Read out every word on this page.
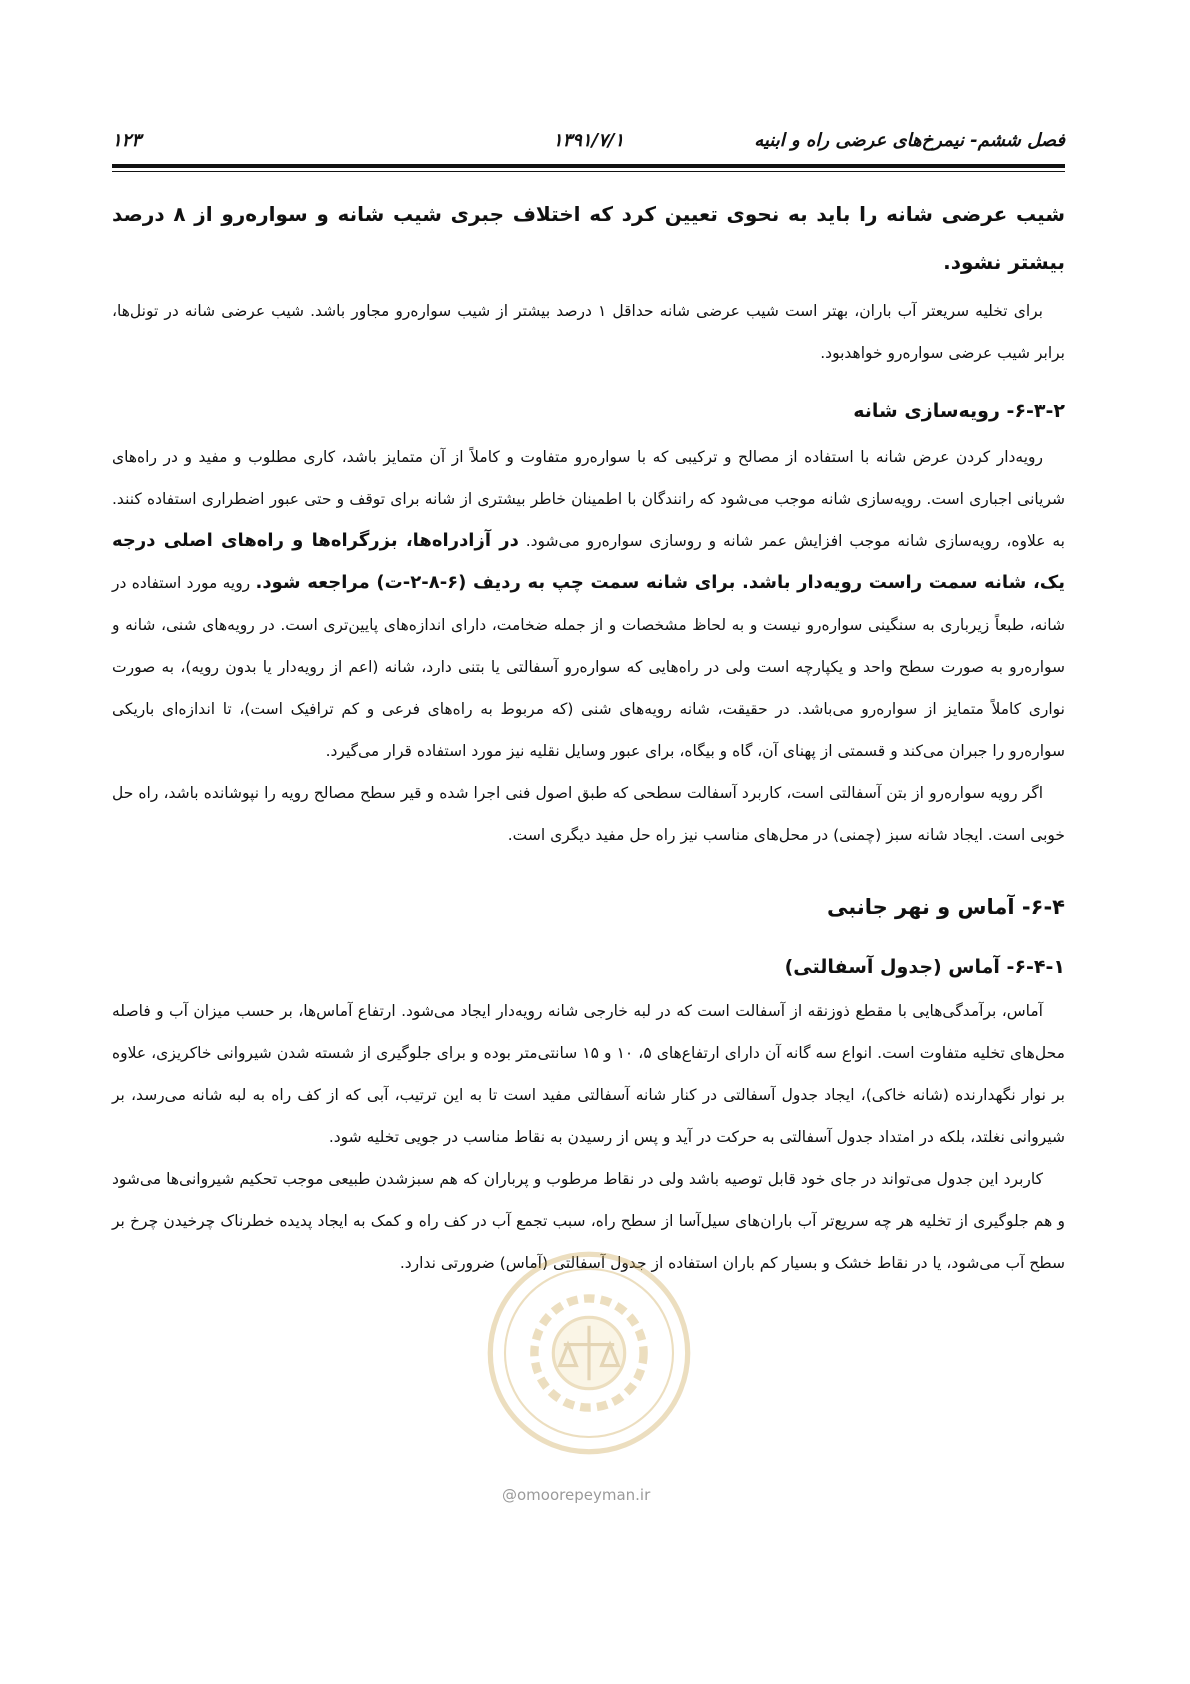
فصل ششم- نیمرخ‌های عرضی راه و ابنیه
۱۳۹۱/۷/۱
۱۲۳

شیب عرضی شانه را باید به نحوی تعیین کرد که اختلاف جبری شیب شانه و سواره‌رو از ۸ درصد بیشتر نشود.

برای تخلیه سریعتر آب باران، بهتر است شیب عرضی شانه حداقل ۱ درصد بیشتر از شیب سواره‌رو مجاور باشد. شیب عرضی شانه در تونل‌ها، برابر شیب عرضی سواره‌رو خواهدبود.

۶-۳-۲- رویه‌سازی شانه

رویه‌دار کردن عرض شانه با استفاده از مصالح و ترکیبی که با سواره‌رو متفاوت و کاملاً از آن متمایز باشد، کاری مطلوب و مفید و در راه‌های شریانی اجباری است. رویه‌سازی شانه موجب می‌شود که رانندگان با اطمینان خاطر بیشتری از شانه برای توقف و حتی عبور اضطراری استفاده کنند. به علاوه، رویه‌سازی شانه موجب افزایش عمر شانه و روسازی سواره‌رو می‌شود. در آزادراه‌ها، بزرگراه‌ها و راه‌های اصلی درجه یک، شانه سمت راست رویه‌دار باشد. برای شانه سمت چپ به ردیف (۶-۸-۲-ت) مراجعه شود. رویه مورد استفاده در شانه، طبعاً زیرباری به سنگینی سواره‌رو نیست و به لحاظ مشخصات و از جمله ضخامت، دارای اندازه‌های پایین‌تری است. در رویه‌های شنی، شانه و سواره‌رو به صورت سطح واحد و یکپارچه است ولی در راه‌هایی که سواره‌رو آسفالتی یا بتنی دارد، شانه (اعم از رویه‌دار یا بدون رویه)، به صورت نواری کاملاً متمایز از سواره‌رو می‌باشد. در حقیقت، شانه رویه‌های شنی (که مربوط به راه‌های فرعی و کم ترافیک است)، تا اندازه‌ای باریکی سواره‌رو را جبران می‌کند و قسمتی از پهنای آن، گاه و بیگاه، برای عبور وسایل نقلیه نیز مورد استفاده قرار می‌گیرد.

اگر رویه سواره‌رو از بتن آسفالتی است، کاربرد آسفالت سطحی که طبق اصول فنی اجرا شده و قیر سطح مصالح رویه را نپوشانده باشد، راه حل خوبی است. ایجاد شانه سبز (چمنی) در محل‌های مناسب نیز راه حل مفید دیگری است.

۶-۴- آماس و نهر جانبی
۶-۴-۱- آماس (جدول آسفالتی)

آماس، برآمدگی‌هایی با مقطع ذوزنقه از آسفالت است که در لبه خارجی شانه رویه‌دار ایجاد می‌شود. ارتفاع آماس‌ها، بر حسب میزان آب و فاصله محل‌های تخلیه متفاوت است. انواع سه گانه آن دارای ارتفاع‌های ۵، ۱۰ و ۱۵ سانتی‌متر بوده و برای جلوگیری از شسته شدن شیروانی خاکریزی، علاوه بر نوار نگهدارنده (شانه خاکی)، ایجاد جدول آسفالتی در کنار شانه آسفالتی مفید است تا به این ترتیب، آبی که از کف راه به لبه شانه می‌رسد، بر شیروانی نغلتد، بلکه در امتداد جدول آسفالتی به حرکت در آید و پس از رسیدن به نقاط مناسب در جویی تخلیه شود.

کاربرد این جدول می‌تواند در جای خود قابل توصیه باشد ولی در نقاط مرطوب و پرباران که هم سبزشدن طبیعی موجب تحکیم شیروانی‌ها می‌شود و هم جلوگیری از تخلیه هر چه سریع‌تر آب باران‌های سیل‌آسا از سطح راه، سبب تجمع آب در کف راه و کمک به ایجاد پدیده خطرناک چرخیدن چرخ بر سطح آب می‌شود، یا در نقاط خشک و بسیار کم باران استفاده از جدول آسفالتی (آماس) ضرورتی ندارد.

@omoorepeyman.ir
